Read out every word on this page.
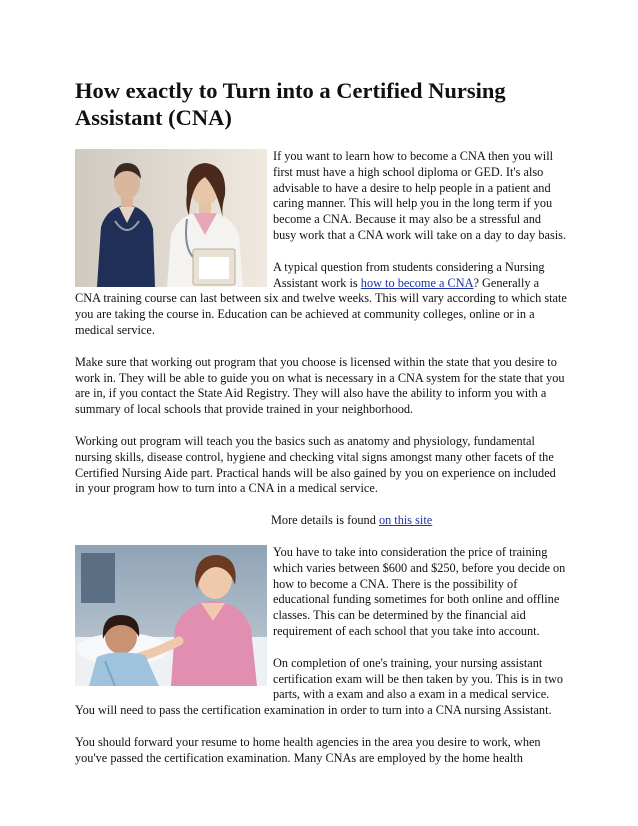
How exactly to Turn into a Certified Nursing Assistant (CNA)

If you want to learn how to become a CNA then you will first must have a high school diploma or GED. It's also advisable to have a desire to help people in a patient and caring manner. This will help you in the long term if you become a CNA. Because it may also be a stressful and busy work that a CNA work will take on a day to day basis.

A typical question from students considering a Nursing Assistant work is how to become a CNA? Generally a CNA training course can last between six and twelve weeks. This will vary according to which state you are taking the course in. Education can be achieved at community colleges, online or in a medical service.

Make sure that working out program that you choose is licensed within the state that you desire to work in. They will be able to guide you on what is necessary in a CNA system for the state that you are in, if you contact the State Aid Registry. They will also have the ability to inform you with a summary of local schools that provide trained in your neighborhood.

Working out program will teach you the basics such as anatomy and physiology, fundamental nursing skills, disease control, hygiene and checking vital signs amongst many other facets of the Certified Nursing Aide part. Practical hands will be also gained by you on experience on included in your program how to turn into a CNA in a medical service.

More details is found on this site

You have to take into consideration the price of training which varies between $600 and $250, before you decide on how to become a CNA. There is the possibility of educational funding sometimes for both online and offline classes. This can be determined by the financial aid requirement of each school that you take into account.

On completion of one's training, your nursing assistant certification exam will be then taken by you. This is in two parts, with a exam and also a exam in a medical service. You will need to pass the certification examination in order to turn into a CNA nursing Assistant.

You should forward your resume to home health agencies in the area you desire to work, when you've passed the certification examination. Many CNAs are employed by the home health
